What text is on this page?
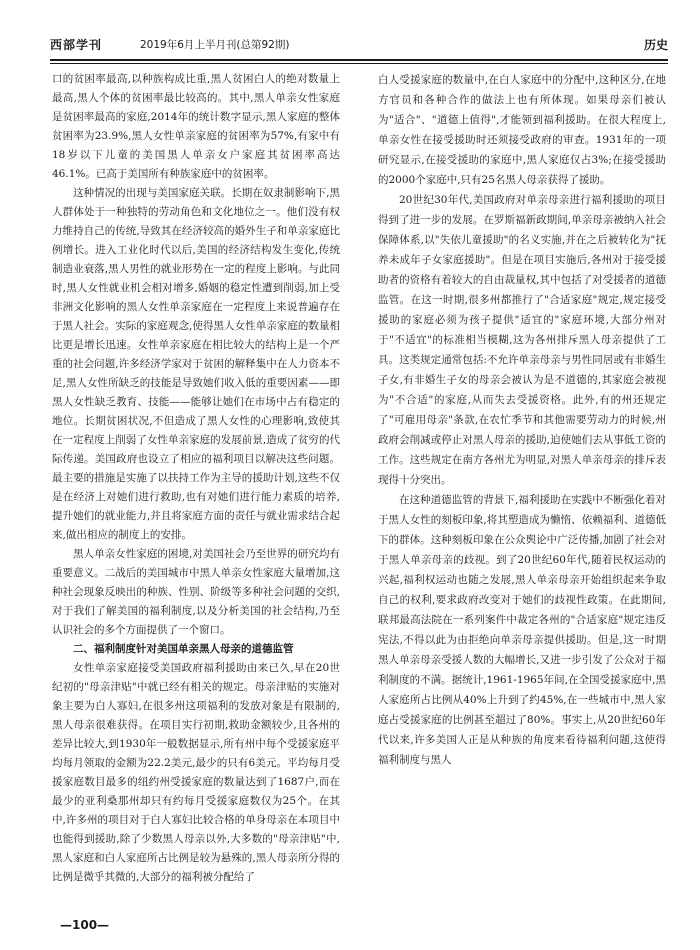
西部学刊	2019年6月上半月刊(总第92期)	历史

口的贫困率最高,以种族构成比重,黑人贫困白人的绝对数量上最高,黑人个体的贫困率最比较高的。其中,黑人单亲女性家庭是贫困率最高的家庭,2014年的统计数字显示,黑人家庭的整体贫困率为23.9%,黑人女性单亲家庭的贫困率为57%,有家中有18岁以下儿童的美国黑人单亲女户家庭其贫困率高达46.1%。已高于美国所有种族家庭中的贫困率。

这种情况的出现与美国家庭关联。长期在奴隶制影响下,黑人群体处于一种独特的劳动角色和文化地位之一。他们没有权力维持自己的传统,导致其在经济较高的婚外生子和单亲家庭比例增长。进入工业化时代以后,美国的经济结构发生变化,传统制造业衰落,黑人男性的就业形势在一定的程度上影响。与此同时,黑人女性就业机会相对增多,婚姻的稳定性遭到削弱,加上受非洲文化影响的黑人女性单亲家庭在一定程度上来说普遍存在于黑人社会。实际的家庭观念,使得黑人女性单亲家庭的数量相比更是增长迅速。女性单亲家庭在相比较大的结构上是一个严重的社会问题,许多经济学家对于贫困的解释集中在人力资本不足,黑人女性所缺乏的技能是导致她们收入低的重要因素——即黑人女性缺乏教育、技能——能够让她们在市场中占有稳定的地位。长期贫困状况,不但造成了黑人女性的心理影响,致使其在一定程度上削弱了女性单亲家庭的发展前景,造成了贫穷的代际传递。美国政府也设立了相应的福利项目以解决这些问题。最主要的措施是实施了以扶持工作为主导的援助计划,这些不仅是在经济上对她们进行救助,也有对她们进行能力素质的培养,提升她们的就业能力,并且将家庭方面的责任与就业需求结合起来,做出相应的制度上的安排。

黑人单亲女性家庭的困境,对美国社会乃至世界的研究均有重要意义。二战后的美国城市中黑人单亲女性家庭大量增加,这种社会现象反映出的种族、性别、阶级等多种社会问题的交织,对于我们了解美国的福利制度,以及分析美国的社会结构,乃至认识社会的多个方面提供了一个窗口。

二、福利制度针对美国单亲黑人母亲的道德监管

女性单亲家庭接受美国政府福利援助由来已久,早在20世纪初的"母亲津贴"中就已经有相关的规定。母亲津贴的实施对象主要为白人寡妇,在很多州这项福利的发放对象是有限制的,黑人母亲很难获得。在项目实行初期,救助金额较少,且各州的差异比较大,到1930年一般数据显示,所有州中每个受援家庭平均每月领取的金额为22.2美元,最少的只有6美元。平均每月受援家庭数目最多的纽约州受援家庭的数量达到了1687户,而在最少的亚利桑那州却只有约每月受援家庭数仅为25个。在其中,许多州的项目对于白人寡妇比较合格的单身母亲在本项目中也能得到援助,除了少数黑人母亲以外,大多数的"母亲津贴"中,黑人家庭和白人家庭所占比例是较为悬殊的,黑人母亲所分得的比例是微乎其微的,大部分的福利被分配给了

白人受援家庭的数量中,在白人家庭中的分配中,这种区分,在地方官员和各种合作的做法上也有所体现。如果母亲们被认为"适合"、"道德上值得",才能领到福利援助。在很大程度上,单亲女性在接受援助时还须接受政府的审查。1931年的一项研究显示,在接受援助的家庭中,黑人家庭仅占3%;在接受援助的2000个家庭中,只有25名黑人母亲获得了援助。

20世纪30年代,美国政府对单亲母亲进行福利援助的项目得到了进一步的发展。在罗斯福新政期间,单亲母亲被纳入社会保障体系,以"失依儿童援助"的名义实施,并在之后被转化为"抚养未成年子女家庭援助"。但是在项目实施后,各州对于接受援助者的资格有着较大的自由裁量权,其中包括了对受援者的道德监管。在这一时期,很多州都推行了"合适家庭"规定,规定接受援助的家庭必须为孩子提供"适宜的"家庭环境,大部分州对于"不适宜"的标准相当模糊,这为各州排斥黑人母亲提供了工具。这类规定通常包括:不允许单亲母亲与男性同居或有非婚生子女,有非婚生子女的母亲会被认为是不道德的,其家庭会被视为"不合适"的家庭,从而失去受援资格。此外,有的州还规定了"可雇用母亲"条款,在农忙季节和其他需要劳动力的时候,州政府会削减或停止对黑人母亲的援助,迫使她们去从事低工资的工作。这些规定在南方各州尤为明显,对黑人单亲母亲的排斥表现得十分突出。

在这种道德监管的背景下,福利援助在实践中不断强化着对于黑人女性的刻板印象,将其塑造成为懒惰、依赖福利、道德低下的群体。这种刻板印象在公众舆论中广泛传播,加剧了社会对于黑人单亲母亲的歧视。到了20世纪60年代,随着民权运动的兴起,福利权运动也随之发展,黑人单亲母亲开始组织起来争取自己的权利,要求政府改变对于她们的歧视性政策。在此期间,联邦最高法院在一系列案件中裁定各州的"合适家庭"规定违反宪法,不得以此为由拒绝向单亲母亲提供援助。但是,这一时期黑人单亲母亲受援人数的大幅增长,又进一步引发了公众对于福利制度的不满。据统计,1961-1965年间,在全国受援家庭中,黑人家庭所占比例从40%上升到了约45%,在一些城市中,黑人家庭占受援家庭的比例甚至超过了80%。事实上,从20世纪60年代以来,许多美国人正是从种族的角度来看待福利问题,这使得福利制度与黑人

—100—
